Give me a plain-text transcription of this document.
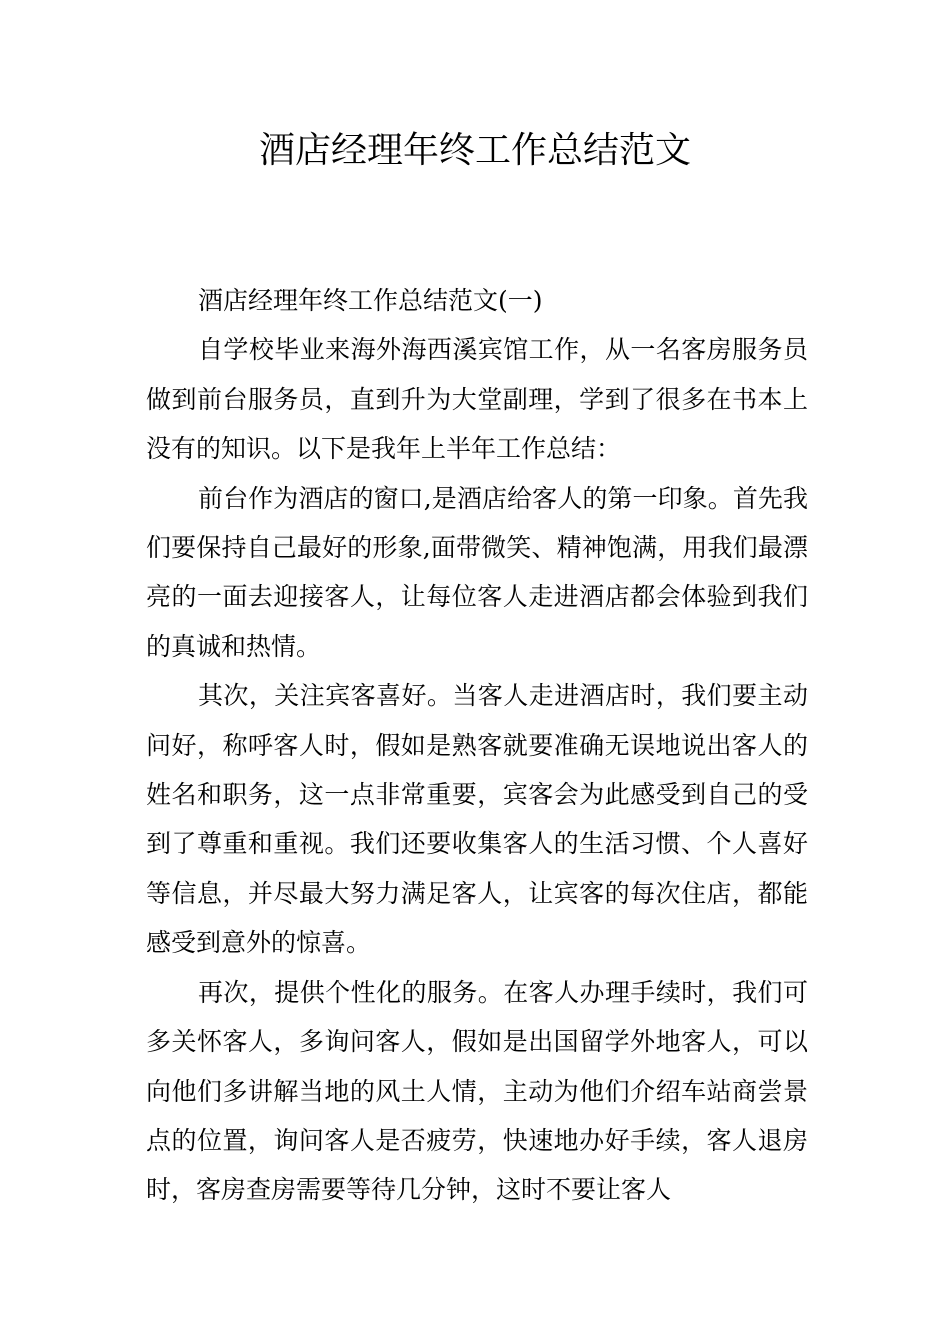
酒店经理年终工作总结范文

酒店经理年终工作总结范文(一)

自学校毕业来海外海西溪宾馆工作，从一名客房服务员做到前台服务员，直到升为大堂副理，学到了很多在书本上没有的知识。以下是我年上半年工作总结：

前台作为酒店的窗口,是酒店给客人的第一印象。首先我们要保持自己最好的形象,面带微笑、精神饱满，用我们最漂亮的一面去迎接客人，让每位客人走进酒店都会体验到我们的真诚和热情。

其次，关注宾客喜好。当客人走进酒店时，我们要主动问好，称呼客人时，假如是熟客就要准确无误地说出客人的姓名和职务，这一点非常重要，宾客会为此感受到自己的受到了尊重和重视。我们还要收集客人的生活习惯、个人喜好等信息，并尽最大努力满足客人，让宾客的每次住店，都能感受到意外的惊喜。

再次，提供个性化的服务。在客人办理手续时，我们可多关怀客人，多询问客人，假如是出国留学外地客人，可以向他们多讲解当地的风土人情，主动为他们介绍车站商尝景点的位置，询问客人是否疲劳，快速地办好手续，客人退房时，客房查房需要等待几分钟，这时不要让客人
